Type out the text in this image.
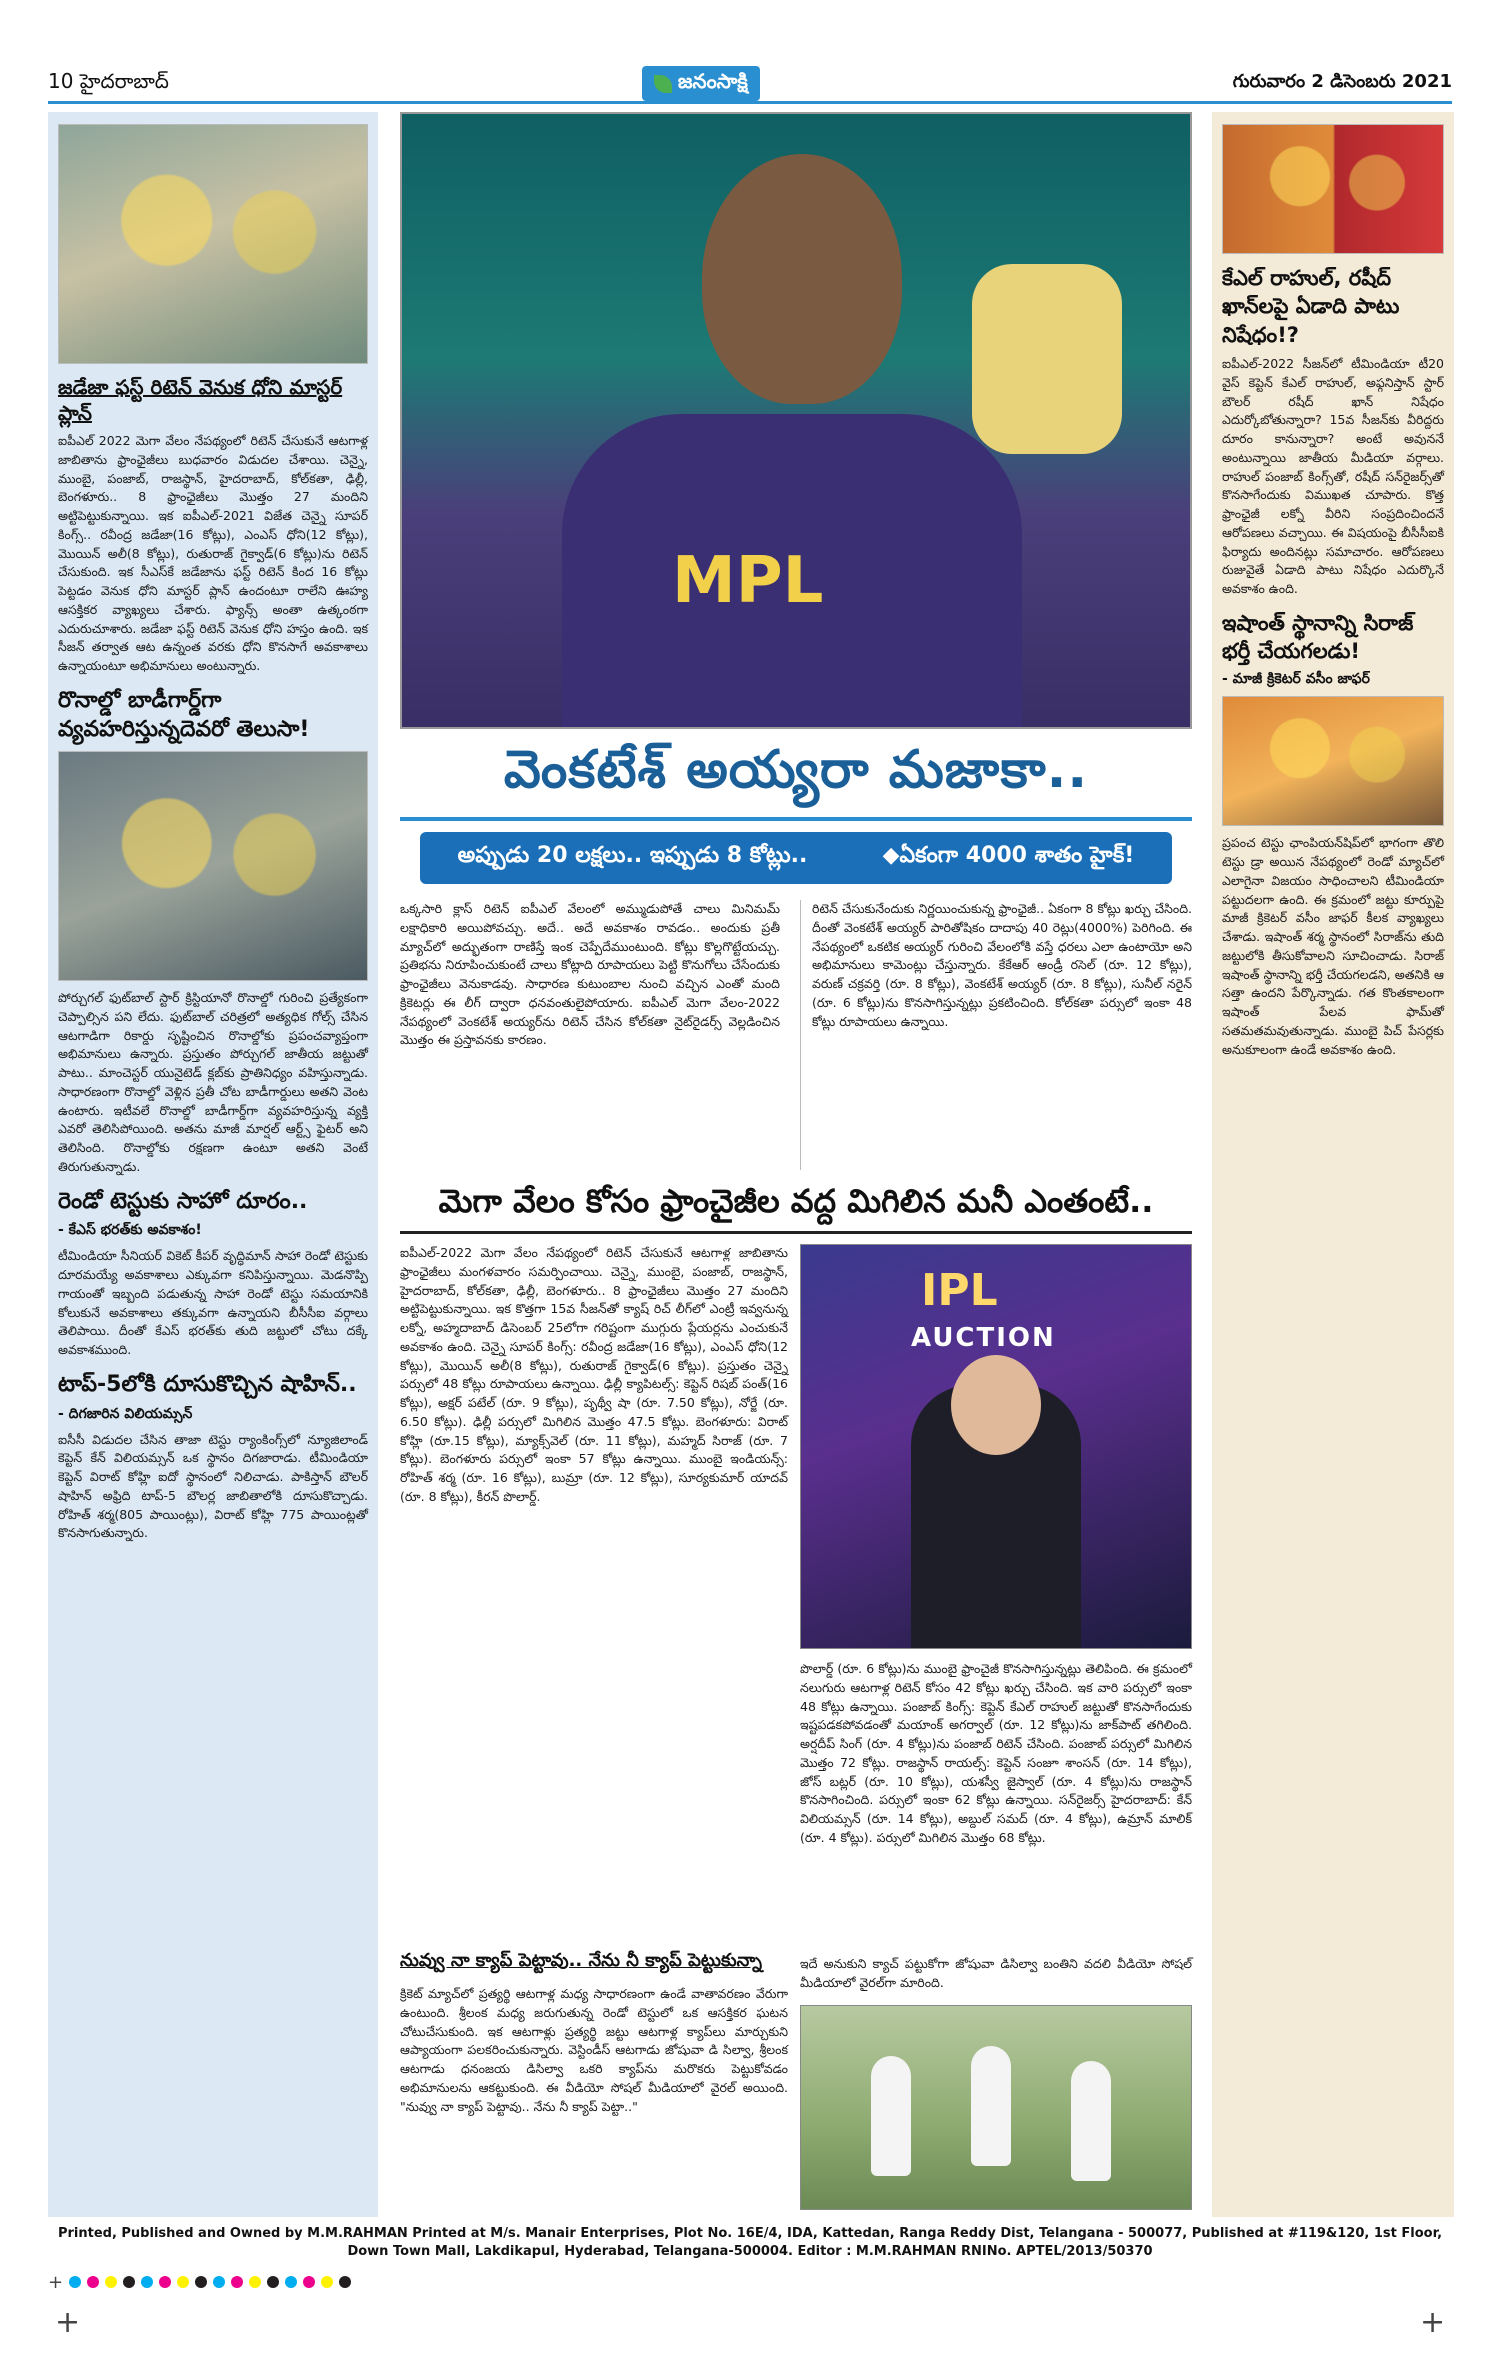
10 హైదరాబాద్	జనంసాక్షి	గురువారం 2 డిసెంబరు 2021
జడేజా ఫస్ట్ రిటెన్ వెనుక ధోని మాస్టర్ ప్లాన్
ఐపీఎల్ 2022 మెగా వేలం నేపథ్యంలో రిటెన్ చేసుకునే ఆటగాళ్ల జాబితాను ఫ్రాంఛైజీలు బుధవారం విడుదల చేశాయి. చెన్నై, ముంబై, పంజాబ్, రాజస్థాన్, హైదరాబాద్, కోల్‌కతా, ఢిల్లీ, బెంగళూరు.. 8 ఫ్రాంఛైజీలు మొత్తం 27 మందిని అట్టిపెట్టుకున్నాయి. ఇక ఐపీఎల్-2021 విజేత చెన్నై సూపర్ కింగ్స్.. రవీంద్ర జడేజా(16 కోట్లు), ఎంఎస్ ధోని(12 కోట్లు), మొయిన్ అలీ(8 కోట్లు), రుతురాజ్ గైక్వాడ్(6 కోట్లు)ను రిటెన్ చేసుకుంది. ఇక సీఎస్‌కే జడేజాను ఫస్ట్ రిటెన్ కింద 16 కోట్లు పెట్టడం వెనుక ధోని మాస్టర్ ప్లాన్ ఉందంటూ రాలేని ఊహ్య ఆసక్తికర వ్యాఖ్యలు చేశారు. ఫ్యాన్స్ అంతా ఉత్కంఠగా ఎదురుచూశారు. జడేజా ఫస్ట్ రిటెన్ వెనుక ధోని హస్తం ఉంది. ఇక సీజన్ తర్వాత ఆట ఉన్నంత వరకు ధోని కొనసాగే అవకాశాలు ఉన్నాయంటూ అభిమానులు అంటున్నారు.
రొనాల్డో బాడీగార్డ్‌గా వ్యవహరిస్తున్నదెవరో తెలుసా!
పోర్చుగల్ ఫుట్‌బాల్ స్టార్ క్రిస్టియానో రొనాల్డో గురించి ప్రత్యేకంగా చెప్పాల్సిన పని లేదు. ఫుట్‌బాల్ చరిత్రలో అత్యధిక గోల్స్ చేసిన ఆటగాడిగా రికార్డు సృష్టించిన రొనాల్డోకు ప్రపంచవ్యాప్తంగా అభిమానులు ఉన్నారు. ప్రస్తుతం పోర్చుగల్ జాతీయ జట్టుతో పాటు.. మాంచెస్టర్ యునైటెడ్ క్లబ్‌కు ప్రాతినిధ్యం వహిస్తున్నాడు. సాధారణంగా రొనాల్డో వెళ్లిన ప్రతీ చోట బాడీగార్డులు అతని వెంట ఉంటారు. ఇటీవలే రొనాల్డో బాడీగార్డ్‌గా వ్యవహరిస్తున్న వ్యక్తి ఎవరో తెలిసిపోయింది. అతను మాజీ మార్షల్ ఆర్ట్స్ ఫైటర్ అని తెలిసింది. రొనాల్డోకు రక్షణగా ఉంటూ అతని వెంటే తిరుగుతున్నాడు.
రెండో టెస్టుకు సాహో దూరం..
- కేఎస్ భరత్‌కు అవకాశం!
టీమిండియా సీనియర్ వికెట్ కీపర్ వృద్ధిమాన్ సాహా రెండో టెస్టుకు దూరమయ్యే అవకాశాలు ఎక్కువగా కనిపిస్తున్నాయి. మెడనొప్పి గాయంతో ఇబ్బంది పడుతున్న సాహా రెండో టెస్టు సమయానికి కోలుకునే అవకాశాలు తక్కువగా ఉన్నాయని బీసీసీఐ వర్గాలు తెలిపాయి. దీంతో కేఎస్ భరత్‌కు తుది జట్టులో చోటు దక్కే అవకాశముంది.
టాప్-5లోకి దూసుకొచ్చిన షాహిన్..
- దిగజారిన విలియమ్సన్
ఐసీసీ విడుదల చేసిన తాజా టెస్టు ర్యాంకింగ్స్‌లో న్యూజిలాండ్ కెప్టెన్ కేన్ విలియమ్సన్ ఒక స్థానం దిగజారాడు. టీమిండియా కెప్టెన్ విరాట్ కోహ్లి ఐదో స్థానంలో నిలిచాడు. పాకిస్తాన్ బౌలర్ షాహిన్ అఫ్రిది టాప్-5 బౌలర్ల జాబితాలోకి దూసుకొచ్చాడు. రోహిత్ శర్మ(805 పాయింట్లు), విరాట్ కోహ్లి 775 పాయింట్లతో కొనసాగుతున్నారు.
MPL
వెంకటేశ్ అయ్యరా మజాకా..
అప్పుడు 20 లక్షలు.. ఇప్పుడు 8 కోట్లు..	◆ఏకంగా 4000 శాతం హైక్!
ఒక్కసారి క్లాస్ రిటెన్ ఐపీఎల్ వేలంలో అమ్ముడుపోతే చాలు మినిమమ్ లక్షాధికారి అయిపోవచ్చు. అదే.. అదే అవకాశం రావడం.. అందుకు ప్రతీ మ్యాచ్‌లో అద్భుతంగా రాణిస్తే ఇంక చెప్పేదేముంటుంది. కోట్లు కొల్లగొట్టేయచ్చు. ప్రతిభను నిరూపించుకుంటే చాలు కోట్లాది రూపాయలు పెట్టి కొనుగోలు చేసేందుకు ఫ్రాంఛైజీలు వెనుకాడవు. సాధారణ కుటుంబాల నుంచి వచ్చిన ఎంతో మంది క్రికెటర్లు ఈ లీగ్ ద్వారా ధనవంతులైపోయారు. ఐపీఎల్ మెగా వేలం-2022 నేపథ్యంలో వెంకటేశ్ అయ్యర్‌ను రిటెన్ చేసిన కోల్‌కతా నైట్‌రైడర్స్ వెల్లడించిన మొత్తం ఈ ప్రస్తావనకు కారణం.
రిటెన్ చేసుకునేందుకు నిర్ణయించుకున్న ఫ్రాంఛైజీ.. ఏకంగా 8 కోట్లు ఖర్చు చేసింది. దీంతో వెంకటేశ్ అయ్యర్ పారితోషికం దాదాపు 40 రెట్లు(4000%) పెరిగింది. ఈ నేపథ్యంలో ఒకటిక అయ్యర్ గురించి వేలంలోకి వస్తే ధరలు ఎలా ఉంటాయో అని అభిమానులు కామెంట్లు చేస్తున్నారు. కేకేఆర్ ఆండ్రీ రసెల్ (రూ. 12 కోట్లు), వరుణ్ చక్రవర్తి (రూ. 8 కోట్లు), వెంకటేశ్ అయ్యర్ (రూ. 8 కోట్లు), సునీల్ నరైన్ (రూ. 6 కోట్లు)ను కొనసాగిస్తున్నట్లు ప్రకటించింది. కోల్‌కతా పర్సులో ఇంకా 48 కోట్లు రూపాయలు ఉన్నాయి.
మెగా వేలం కోసం ఫ్రాంచైజీల వద్ద మిగిలిన మనీ ఎంతంటే..
ఐపీఎల్-2022 మెగా వేలం నేపథ్యంలో రిటెన్ చేసుకునే ఆటగాళ్ల జాబితాను ఫ్రాంఛైజీలు మంగళవారం సమర్పించాయి. చెన్నై, ముంబై, పంజాబ్, రాజస్థాన్, హైదరాబాద్, కోల్‌కతా, ఢిల్లీ, బెంగళూరు.. 8 ఫ్రాంఛైజీలు మొత్తం 27 మందిని అట్టిపెట్టుకున్నాయి. ఇక కొత్తగా 15వ సీజన్‌తో క్యాష్ రిచ్ లీగ్‌లో ఎంట్రీ ఇవ్వనున్న లక్నో, అహ్మదాబాద్ డిసెంబర్ 25లోగా గరిష్టంగా ముగ్గురు ప్లేయర్లను ఎంచుకునే అవకాశం ఉంది. చెన్నై సూపర్ కింగ్స్: రవీంద్ర జడేజా(16 కోట్లు), ఎంఎస్ ధోని(12 కోట్లు), మొయిన్ అలీ(8 కోట్లు), రుతురాజ్ గైక్వాడ్(6 కోట్లు). ప్రస్తుతం చెన్నై పర్సులో 48 కోట్లు రూపాయలు ఉన్నాయి. ఢిల్లీ క్యాపిటల్స్: కెప్టెన్ రిషబ్ పంత్(16 కోట్లు), అక్షర్ పటేల్ (రూ. 9 కోట్లు), పృథ్వీ షా (రూ. 7.50 కోట్లు), నోర్జే (రూ. 6.50 కోట్లు). ఢిల్లీ పర్సులో మిగిలిన మొత్తం 47.5 కోట్లు. బెంగళూరు: విరాట్ కోహ్లి (రూ.15 కోట్లు), మ్యాక్స్‌వెల్ (రూ. 11 కోట్లు), మహ్మద్ సిరాజ్ (రూ. 7 కోట్లు). బెంగళూరు పర్సులో ఇంకా 57 కోట్లు ఉన్నాయి. ముంబై ఇండియన్స్: రోహిత్ శర్మ (రూ. 16 కోట్లు), బుమ్రా (రూ. 12 కోట్లు), సూర్యకుమార్ యాదవ్ (రూ. 8 కోట్లు), కీరన్ పొలార్డ్.
IPL
AUCTION
పొలార్డ్ (రూ. 6 కోట్లు)ను ముంబై ఫ్రాంచైజీ కొనసాగిస్తున్నట్లు తెలిపింది. ఈ క్రమంలో నలుగురు ఆటగాళ్ల రిటెన్ కోసం 42 కోట్లు ఖర్చు చేసింది. ఇక వారి పర్సులో ఇంకా 48 కోట్లు ఉన్నాయి. పంజాబ్ కింగ్స్: కెప్టెన్ కేఎల్ రాహుల్ జట్టుతో కొనసాగేందుకు ఇష్టపడకపోవడంతో మయాంక్ అగర్వాల్ (రూ. 12 కోట్లు)ను జాక్‌పాట్ తగిలింది. అర్షదీప్ సింగ్ (రూ. 4 కోట్లు)ను పంజాబ్ రిటెన్ చేసింది. పంజాబ్ పర్సులో మిగిలిన మొత్తం 72 కోట్లు. రాజస్థాన్ రాయల్స్: కెప్టెన్ సంజూ శాంసన్ (రూ. 14 కోట్లు), జోస్ బట్లర్ (రూ. 10 కోట్లు), యశస్వీ జైస్వాల్ (రూ. 4 కోట్లు)ను రాజస్థాన్ కొనసాగించింది. పర్సులో ఇంకా 62 కోట్లు ఉన్నాయి. సన్‌రైజర్స్ హైదరాబాద్: కేన్ విలియమ్సన్ (రూ. 14 కోట్లు), అబ్దుల్ సమద్ (రూ. 4 కోట్లు), ఉమ్రాన్ మాలిక్ (రూ. 4 కోట్లు). పర్సులో మిగిలిన మొత్తం 68 కోట్లు.
నువ్వు నా క్యాప్ పెట్టావు.. నేను నీ క్యాప్ పెట్టుకున్నా
క్రికెట్ మ్యాచ్‌లో ప్రత్యర్థి ఆటగాళ్ల మధ్య సాధారణంగా ఉండే వాతావరణం వేరుగా ఉంటుంది. శ్రీలంక మధ్య జరుగుతున్న రెండో టెస్టులో ఒక ఆసక్తికర ఘటన చోటుచేసుకుంది. ఇక ఆటగాళ్లు ప్రత్యర్థి జట్టు ఆటగాళ్ల క్యాప్‌లు మార్చుకుని ఆప్యాయంగా పలకరించుకున్నారు. వెస్టిండీస్ ఆటగాడు జోషువా డి సిల్వా, శ్రీలంక ఆటగాడు ధనంజయ డిసిల్వా ఒకరి క్యాప్‌ను మరొకరు పెట్టుకోవడం అభిమానులను ఆకట్టుకుంది. ఈ వీడియో సోషల్ మీడియాలో వైరల్ అయింది. "నువ్వు నా క్యాప్ పెట్టావు.. నేను నీ క్యాప్ పెట్టా.."
ఇదే అనుకుని క్యాచ్ పట్టుకోగా జోషువా డిసిల్వా బంతిని వదలి వీడియో సోషల్ మీడియాలో వైరల్‌గా మారింది.
కేఎల్ రాహుల్, రషీద్ ఖాన్‌లపై ఏడాది పాటు నిషేధం!?
ఐపీఎల్-2022 సీజన్‌లో టీమిండియా టీ20 వైస్ కెప్టెన్ కేఎల్ రాహుల్, అఫ్గనిస్తాన్ స్టార్ బౌలర్ రషీద్ ఖాన్ నిషేధం ఎదుర్కోబోతున్నారా? 15వ సీజన్‌కు వీరిద్దరు దూరం కానున్నారా? అంటే అవుననే అంటున్నాయి జాతీయ మీడియా వర్గాలు. రాహుల్ పంజాబ్ కింగ్స్‌తో, రషీద్ సన్‌రైజర్స్‌తో కొనసాగేందుకు విముఖత చూపారు. కొత్త ఫ్రాంఛైజీ లక్నో వీరిని సంప్రదించిందనే ఆరోపణలు వచ్చాయి. ఈ విషయంపై బీసీసీఐకి ఫిర్యాదు అందినట్లు సమాచారం. ఆరోపణలు రుజువైతే ఏడాది పాటు నిషేధం ఎదుర్కొనే అవకాశం ఉంది.
ఇషాంత్ స్థానాన్ని సిరాజ్ భర్తీ చేయగలడు!
- మాజీ క్రికెటర్ వసీం జాఫర్
ప్రపంచ టెస్టు ఛాంపియన్‌షిప్‌లో భాగంగా తొలి టెస్టు డ్రా అయిన నేపథ్యంలో రెండో మ్యాచ్‌లో ఎలాగైనా విజయం సాధించాలని టీమిండియా పట్టుదలగా ఉంది. ఈ క్రమంలో జట్టు కూర్పుపై మాజీ క్రికెటర్ వసీం జాఫర్ కీలక వ్యాఖ్యలు చేశాడు. ఇషాంత్ శర్మ స్థానంలో సిరాజ్‌ను తుది జట్టులోకి తీసుకోవాలని సూచించాడు. సిరాజ్ ఇషాంత్ స్థానాన్ని భర్తీ చేయగలడని, అతనికి ఆ సత్తా ఉందని పేర్కొన్నాడు. గత కొంతకాలంగా ఇషాంత్ పేలవ ఫామ్‌తో సతమతమవుతున్నాడు. ముంబై పిచ్ పేసర్లకు అనుకూలంగా ఉండే అవకాశం ఉంది.
Printed, Published and Owned by M.M.RAHMAN Printed at M/s. Manair Enterprises, Plot No. 16E/4, IDA, Kattedan, Ranga Reddy Dist, Telangana - 500077, Published at #119&120, 1st Floor, Down Town Mall, Lakdikapul, Hyderabad, Telangana-500004. Editor : M.M.RAHMAN RNINo. APTEL/2013/50370
+
+	+
